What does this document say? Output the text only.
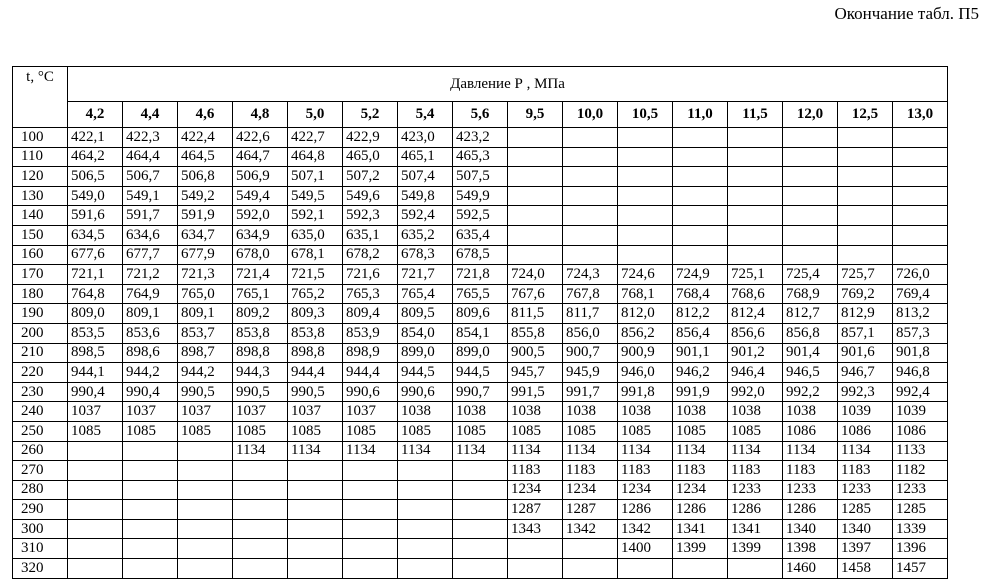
Окончание табл. П5
t, °C	Давление Р , МПа															
	4,2	4,4	4,6	4,8	5,0	5,2	5,4	5,6	9,5	10,0	10,5	11,0	11,5	12,0	12,5	13,0
100	422,1	422,3	422,4	422,6	422,7	422,9	423,0	423,2								
110	464,2	464,4	464,5	464,7	464,8	465,0	465,1	465,3								
120	506,5	506,7	506,8	506,9	507,1	507,2	507,4	507,5								
130	549,0	549,1	549,2	549,4	549,5	549,6	549,8	549,9								
140	591,6	591,7	591,9	592,0	592,1	592,3	592,4	592,5								
150	634,5	634,6	634,7	634,9	635,0	635,1	635,2	635,4								
160	677,6	677,7	677,9	678,0	678,1	678,2	678,3	678,5								
170	721,1	721,2	721,3	721,4	721,5	721,6	721,7	721,8	724,0	724,3	724,6	724,9	725,1	725,4	725,7	726,0
180	764,8	764,9	765,0	765,1	765,2	765,3	765,4	765,5	767,6	767,8	768,1	768,4	768,6	768,9	769,2	769,4
190	809,0	809,1	809,1	809,2	809,3	809,4	809,5	809,6	811,5	811,7	812,0	812,2	812,4	812,7	812,9	813,2
200	853,5	853,6	853,7	853,8	853,8	853,9	854,0	854,1	855,8	856,0	856,2	856,4	856,6	856,8	857,1	857,3
210	898,5	898,6	898,7	898,8	898,8	898,9	899,0	899,0	900,5	900,7	900,9	901,1	901,2	901,4	901,6	901,8
220	944,1	944,2	944,2	944,3	944,4	944,4	944,5	944,5	945,7	945,9	946,0	946,2	946,4	946,5	946,7	946,8
230	990,4	990,4	990,5	990,5	990,5	990,6	990,6	990,7	991,5	991,7	991,8	991,9	992,0	992,2	992,3	992,4
240	1037	1037	1037	1037	1037	1037	1038	1038	1038	1038	1038	1038	1038	1038	1039	1039
250	1085	1085	1085	1085	1085	1085	1085	1085	1085	1085	1085	1085	1085	1086	1086	1086
260				1134	1134	1134	1134	1134	1134	1134	1134	1134	1134	1134	1134	1133
270									1183	1183	1183	1183	1183	1183	1183	1182
280									1234	1234	1234	1234	1233	1233	1233	1233
290									1287	1287	1286	1286	1286	1286	1285	1285
300									1343	1342	1342	1341	1341	1340	1340	1339
310											1400	1399	1399	1398	1397	1396
320														1460	1458	1457
